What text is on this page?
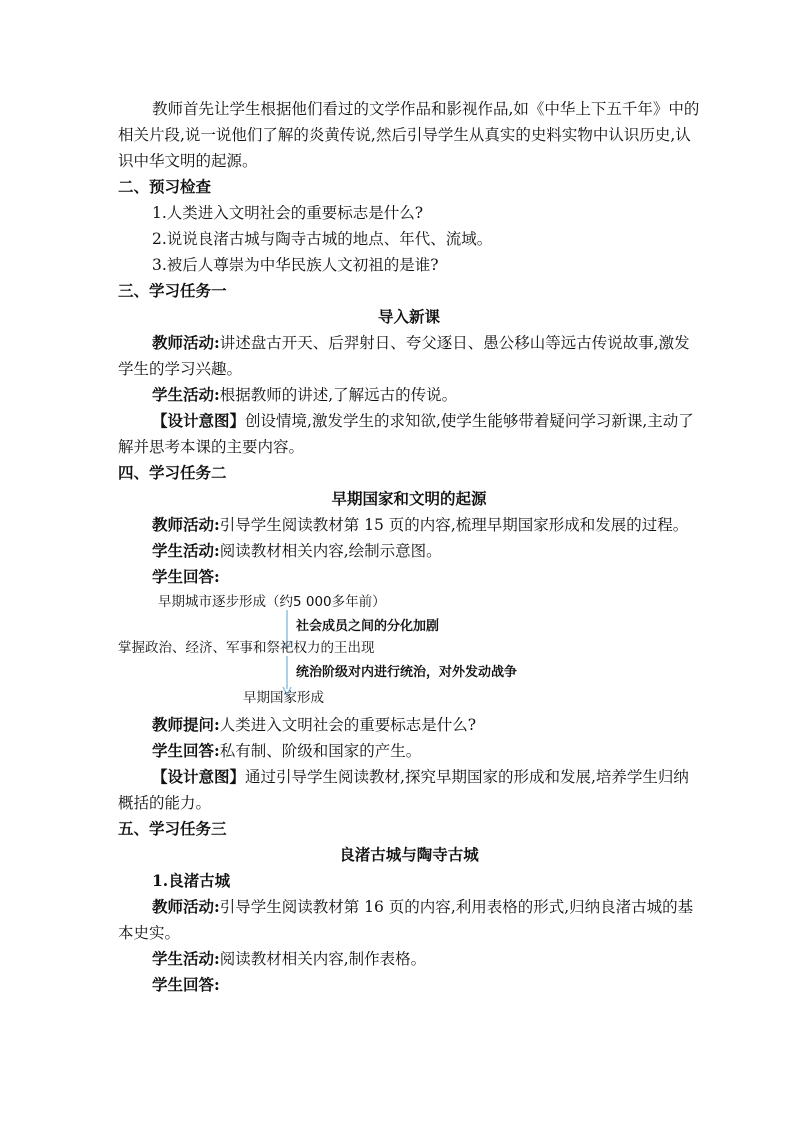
教师首先让学生根据他们看过的文学作品和影视作品,如《中华上下五千年》中的相关片段,说一说他们了解的炎黄传说,然后引导学生从真实的史料实物中认识历史,认识中华文明的起源。

二、预习检查

1.人类进入文明社会的重要标志是什么?

2.说说良渚古城与陶寺古城的地点、年代、流域。

3.被后人尊崇为中华民族人文初祖的是谁?

三、学习任务一
导入新课

教师活动:讲述盘古开天、后羿射日、夸父逐日、愚公移山等远古传说故事,激发学生的学习兴趣。

学生活动:根据教师的讲述,了解远古的传说。

【设计意图】创设情境,激发学生的求知欲,使学生能够带着疑问学习新课,主动了解并思考本课的主要内容。

四、学习任务二
早期国家和文明的起源

教师活动:引导学生阅读教材第 15 页的内容,梳理早期国家形成和发展的过程。

学生活动:阅读教材相关内容,绘制示意图。

学生回答:

早期城市逐步形成（约5 000多年前）
社会成员之间的分化加剧
掌握政治、经济、军事和祭祀权力的王出现
统治阶级对内进行统治，对外发动战争
早期国家形成

教师提问:人类进入文明社会的重要标志是什么?

学生回答:私有制、阶级和国家的产生。

【设计意图】通过引导学生阅读教材,探究早期国家的形成和发展,培养学生归纳概括的能力。

五、学习任务三
良渚古城与陶寺古城

1.良渚古城

教师活动:引导学生阅读教材第 16 页的内容,利用表格的形式,归纳良渚古城的基本史实。

学生活动:阅读教材相关内容,制作表格。

学生回答:
